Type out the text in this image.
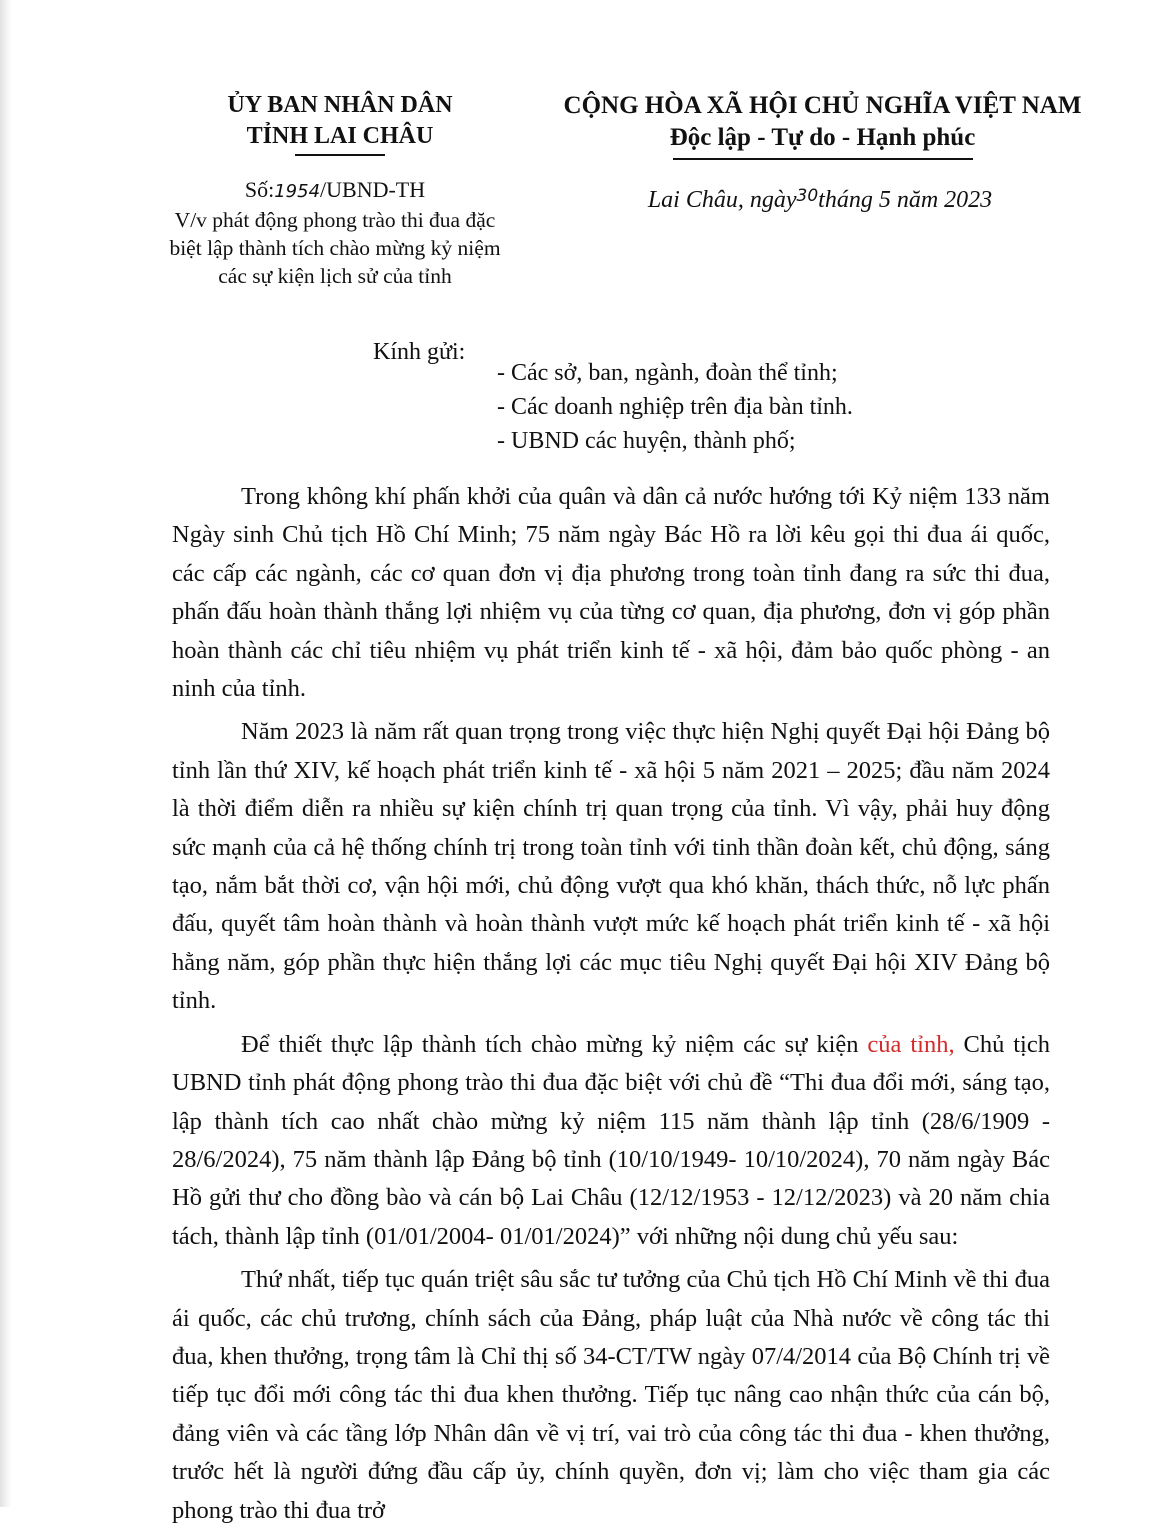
ỦY BAN NHÂN DÂN
TỈNH LAI CHÂU
CỘNG HÒA XÃ HỘI CHỦ NGHĨA VIỆT NAM
Độc lập - Tự do - Hạnh phúc
Số:1954/UBND-TH
V/v phát động phong trào thi đua đặc
biệt lập thành tích chào mừng kỷ niệm
các sự kiện lịch sử của tỉnh
Lai Châu, ngày$^{30}$tháng 5 năm 2023
Kính gửi:
- Các sở, ban, ngành, đoàn thể tỉnh;
- Các doanh nghiệp trên địa bàn tỉnh.
- UBND các huyện, thành phố;

Trong không khí phấn khởi của quân và dân cả nước hướng tới Kỷ niệm 133 năm Ngày sinh Chủ tịch Hồ Chí Minh; 75 năm ngày Bác Hồ ra lời kêu gọi thi đua ái quốc, các cấp các ngành, các cơ quan đơn vị địa phương trong toàn tỉnh đang ra sức thi đua, phấn đấu hoàn thành thắng lợi nhiệm vụ của từng cơ quan, địa phương, đơn vị góp phần hoàn thành các chỉ tiêu nhiệm vụ phát triển kinh tế - xã hội, đảm bảo quốc phòng - an ninh của tỉnh.

Năm 2023 là năm rất quan trọng trong việc thực hiện Nghị quyết Đại hội Đảng bộ tỉnh lần thứ XIV, kế hoạch phát triển kinh tế - xã hội 5 năm 2021 – 2025; đầu năm 2024 là thời điểm diễn ra nhiều sự kiện chính trị quan trọng của tỉnh. Vì vậy, phải huy động sức mạnh của cả hệ thống chính trị trong toàn tỉnh với tinh thần đoàn kết, chủ động, sáng tạo, nắm bắt thời cơ, vận hội mới, chủ động vượt qua khó khăn, thách thức, nỗ lực phấn đấu, quyết tâm hoàn thành và hoàn thành vượt mức kế hoạch phát triển kinh tế - xã hội hằng năm, góp phần thực hiện thắng lợi các mục tiêu Nghị quyết Đại hội XIV Đảng bộ tỉnh.

Để thiết thực lập thành tích chào mừng kỷ niệm các sự kiện của tỉnh, Chủ tịch UBND tỉnh phát động phong trào thi đua đặc biệt với chủ đề “Thi đua đổi mới, sáng tạo, lập thành tích cao nhất chào mừng kỷ niệm 115 năm thành lập tỉnh (28/6/1909 - 28/6/2024), 75 năm thành lập Đảng bộ tỉnh (10/10/1949- 10/10/2024), 70 năm ngày Bác Hồ gửi thư cho đồng bào và cán bộ Lai Châu (12/12/1953 - 12/12/2023) và 20 năm chia tách, thành lập tỉnh (01/01/2004- 01/01/2024)” với những nội dung chủ yếu sau:

Thứ nhất, tiếp tục quán triệt sâu sắc tư tưởng của Chủ tịch Hồ Chí Minh về thi đua ái quốc, các chủ trương, chính sách của Đảng, pháp luật của Nhà nước về công tác thi đua, khen thưởng, trọng tâm là Chỉ thị số 34-CT/TW ngày 07/4/2014 của Bộ Chính trị về tiếp tục đổi mới công tác thi đua khen thưởng. Tiếp tục nâng cao nhận thức của cán bộ, đảng viên và các tầng lớp Nhân dân về vị trí, vai trò của công tác thi đua - khen thưởng, trước hết là người đứng đầu cấp ủy, chính quyền, đơn vị; làm cho việc tham gia các phong trào thi đua trở
